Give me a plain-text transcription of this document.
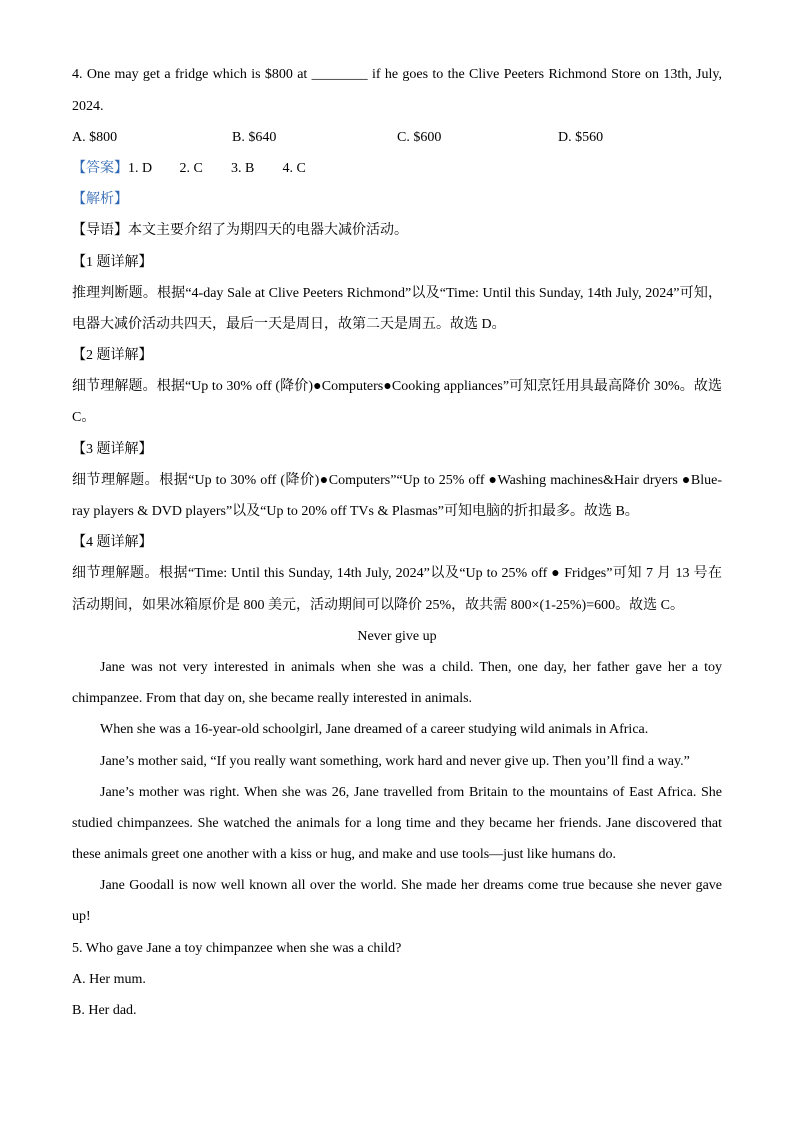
4. One may get a fridge which is $800 at ________ if he goes to the Clive Peeters Richmond Store on 13th, July,
2024.
A. $800	B. $640	C. $600	D. $560
【答案】1. D 2. C 3. B 4. C
【解析】
【导语】本文主要介绍了为期四天的电器大减价活动。
【1 题详解】
推理判断题。根据“4-day Sale at Clive Peeters Richmond”以及“Time: Until this Sunday, 14th July, 2024”可知，
电器大减价活动共四天，最后一天是周日，故第二天是周五。故选 D。
【2 题详解】
细节理解题。根据“Up to 30% off (降价)●Computers●Cooking appliances”可知烹饪用具最高降价 30%。故选
C。
【3 题详解】
细节理解题。根据“Up to 30% off (降价)●Computers”“Up to 25% off ●Washing machines&Hair dryers ●Blue-
ray players & DVD players”以及“Up to 20% off TVs & Plasmas”可知电脑的折扣最多。故选 B。
【4 题详解】
细节理解题。根据“Time: Until this Sunday, 14th July, 2024”以及“Up to 25% off ● Fridges”可知 7 月 13 号在
活动期间，如果冰箱原价是 800 美元，活动期间可以降价 25%，故共需 800×(1-25%)=600。故选 C。
Never give up
Jane was not very interested in animals when she was a child. Then, one day, her father gave her a toy
chimpanzee. From that day on, she became really interested in animals.
When she was a 16-year-old schoolgirl, Jane dreamed of a career studying wild animals in Africa.
Jane’s mother said, “If you really want something, work hard and never give up. Then you’ll find a way.”
Jane’s mother was right. When she was 26, Jane travelled from Britain to the mountains of East Africa. She
studied chimpanzees. She watched the animals for a long time and they became her friends. Jane discovered that
these animals greet one another with a kiss or hug, and make and use tools—just like humans do.
Jane Goodall is now well known all over the world. She made her dreams come true because she never gave
up!
5. Who gave Jane a toy chimpanzee when she was a child?
A. Her mum.
B. Her dad.
